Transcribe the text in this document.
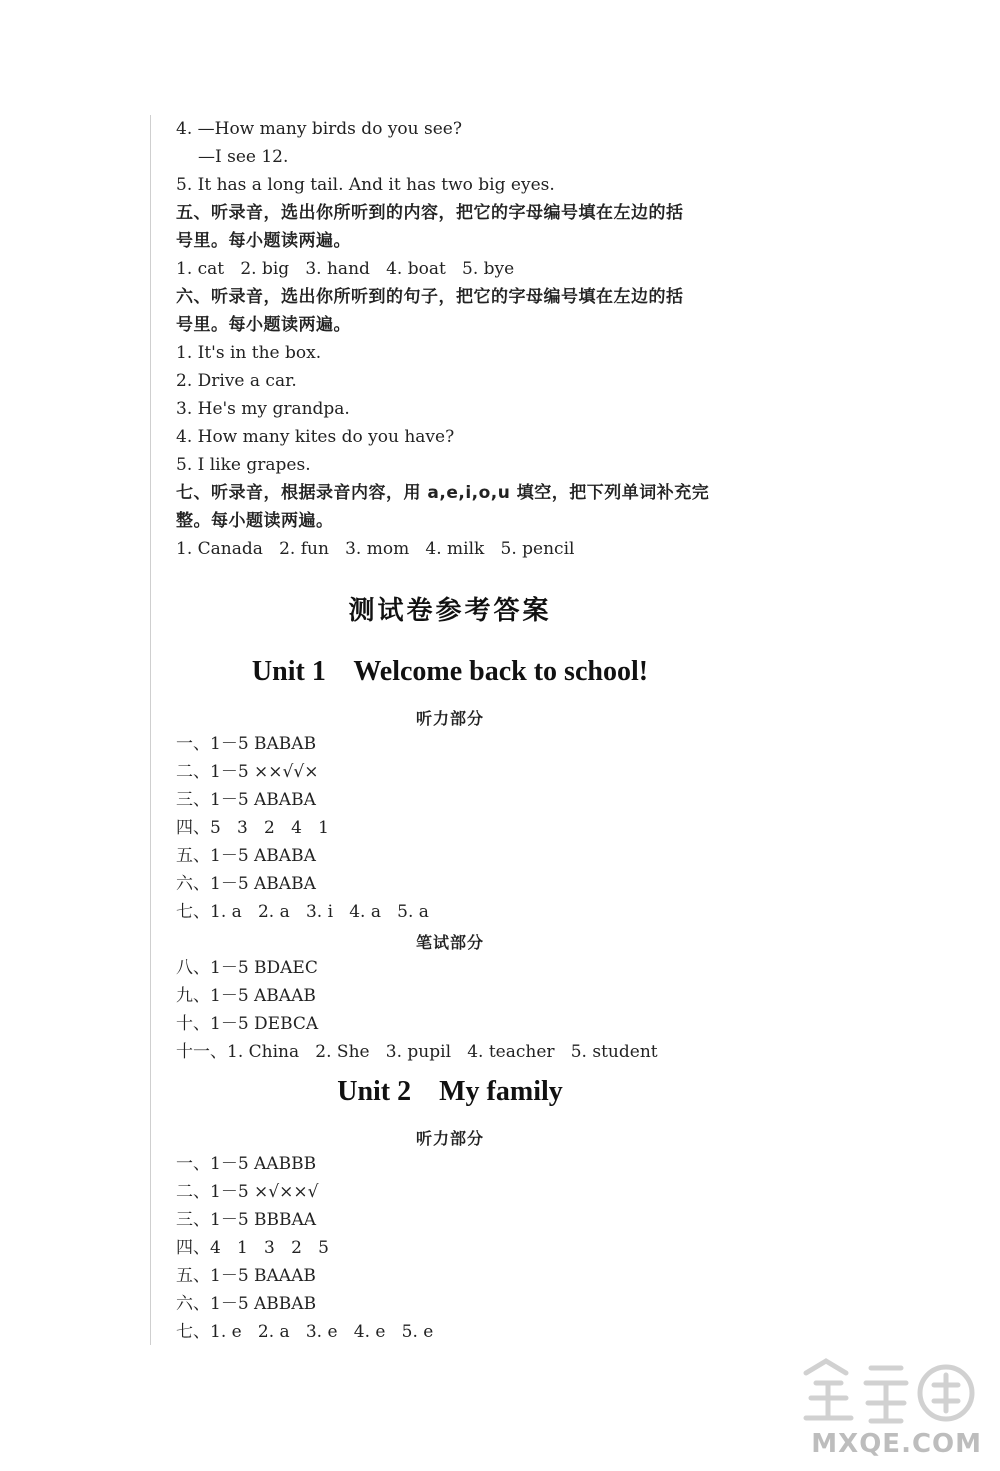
4. —How many birds do you see?
—I see 12.
5. It has a long tail. And it has two big eyes.
五、听录音，选出你所听到的内容，把它的字母编号填在左边的括
号里。每小题读两遍。
1. cat   2. big   3. hand   4. boat   5. bye
六、听录音，选出你所听到的句子，把它的字母编号填在左边的括
号里。每小题读两遍。
1. It's in the box.
2. Drive a car.
3. He's my grandpa.
4. How many kites do you have?
5. I like grapes.
七、听录音，根据录音内容，用 a,e,i,o,u 填空，把下列单词补充完
整。每小题读两遍。
1. Canada   2. fun   3. mom   4. milk   5. pencil
测试卷参考答案
Unit 1    Welcome back to school!
听力部分
一、1－5 BABAB
二、1－5 ××√√×
三、1－5 ABABA
四、5   3   2   4   1
五、1－5 ABABA
六、1－5 ABABA
七、1. a   2. a   3. i   4. a   5. a
笔试部分
八、1－5 BDAEC
九、1－5 ABAAB
十、1－5 DEBCA
十一、1. China   2. She   3. pupil   4. teacher   5. student
Unit 2    My family
听力部分
一、1－5 AABBB
二、1－5 ×√××√
三、1－5 BBBAA
四、4   1   3   2   5
五、1－5 BAAAB
六、1－5 ABBAB
七、1. e   2. a   3. e   4. e   5. e
MXQE.COM
